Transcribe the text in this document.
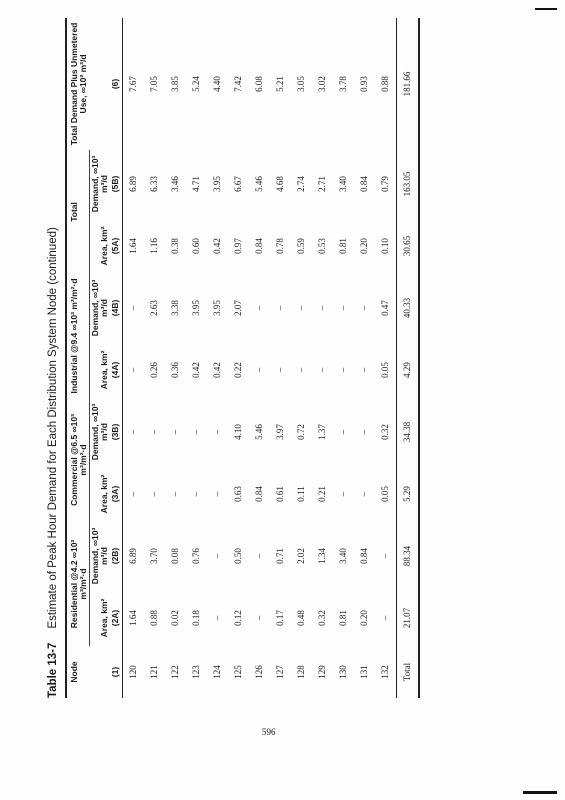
Table 13-7Estimate of Peak Hour Demand for Each Distribution System Node (continued)
Node	Residential @4.2 ∞10³ m³/m²·d		Commercial @6.5 ∞10³ m³/m²·d		Industrial @9.4 ∞10³ m³/m²·d		Total		Total Demand Plus Unmetered Use, ∞10³ m³/d
	Area, km²	Demand, ∞10³ m³/d	Area, km²	Demand, ∞10³ m³/d	Area, km²	Demand, ∞10³ m³/d	Area, km²	Demand, ∞10³ m³/d	
(1)	(2A)	(2B)	(3A)	(3B)	(4A)	(4B)	(5A)	(5B)	(6)
120	1.64	6.89	–	–	–	–	1.64	6.89	7.67
121	0.88	3.70	–	–	0.26	2.63	1.16	6.33	7.05
122	0.02	0.08	–	–	0.36	3.38	0.38	3.46	3.85
123	0.18	0.76	–	–	0.42	3.95	0.60	4.71	5.24
124	–	–	–	–	0.42	3.95	0.42	3.95	4.40
125	0.12	0.50	0.63	4.10	0.22	2.07	0.97	6.67	7.42
126	–	–	0.84	5.46	–	–	0.84	5.46	6.08
127	0.17	0.71	0.61	3.97	–	–	0.78	4.68	5.21
128	0.48	2.02	0.11	0.72	–	–	0.59	2.74	3.05
129	0.32	1.34	0.21	1.37	–	–	0.53	2.71	3.02
130	0.81	3.40	–	–	–	–	0.81	3.40	3.78
131	0.20	0.84	–	–	–	–	0.20	0.84	0.93
132	–	–	0.05	0.32	0.05	0.47	0.10	0.79	0.88
Total	21.07	88.34	5.29	34.38	4.29	40.33	30.65	163.05	181.66
596
